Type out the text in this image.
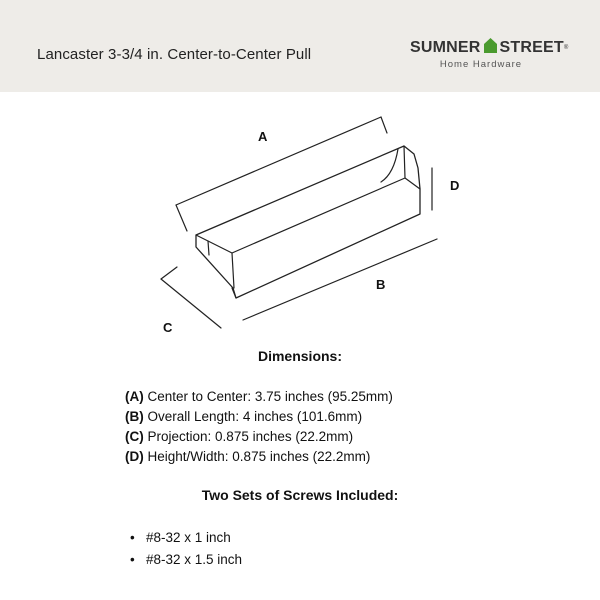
Lancaster 3-3/4 in. Center-to-Center Pull	SUMNER STREET ®
Home Hardware
A
B
C
D
Dimensions:
(A) Center to Center: 3.75 inches (95.25mm)
(B) Overall Length: 4 inches (101.6mm)
(C) Projection: 0.875 inches (22.2mm)
(D) Height/Width: 0.875 inches (22.2mm)
Two Sets of Screws Included:
• #8-32 x 1 inch
• #8-32 x 1.5 inch
